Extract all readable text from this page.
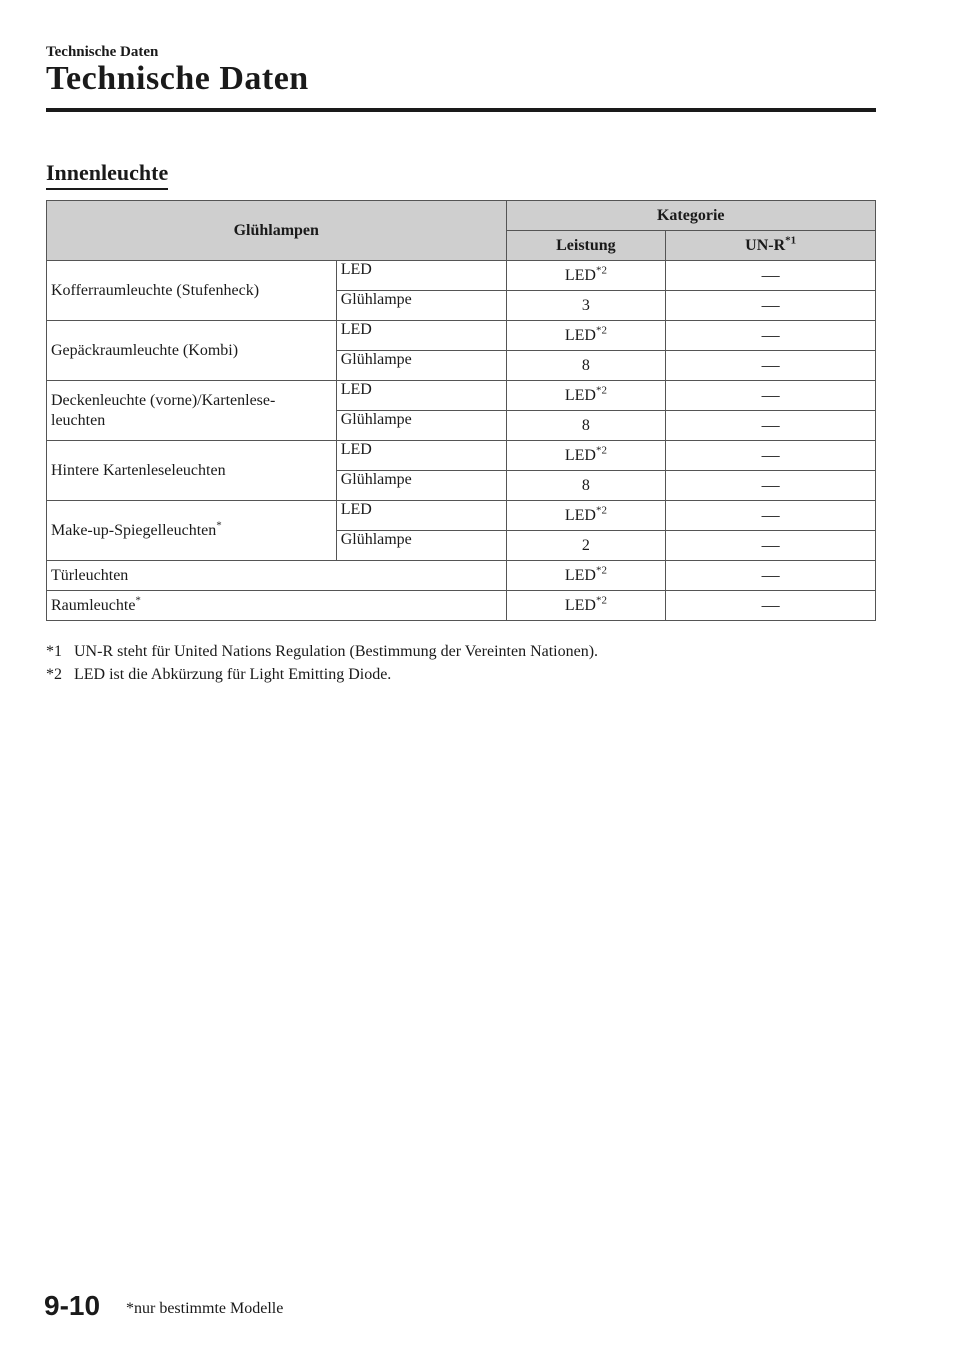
Technische Daten
Technische Daten
Innenleuchte
Glühlampen		Kategorie	
		Leistung	$UN-R^{*1}$
Kofferraumleuchte (Stufenheck)	LED	LED$^{*2}$	—
	Glühlampe	3	—
Gepäckraumleuchte (Kombi)	LED	LED$^{*2}$	—
	Glühlampe	8	—
Deckenleuchte (vorne)/Kartenlese-
leuchten	LED	LED$^{*2}$	—
	Glühlampe	8	—
Hintere Kartenleseleuchten	LED	LED$^{*2}$	—
	Glühlampe	8	—
Make-up-Spiegelleuchten*	LED	LED$^{*2}$	—
	Glühlampe	2	—
Türleuchten		LED$^{*2}$	—
Raumleuchte*		LED$^{*2}$	—
*1 UN-R steht für United Nations Regulation (Bestimmung der Vereinten Nationen).
*2 LED ist die Abkürzung für Light Emitting Diode.
9-10 *nur bestimmte Modelle
